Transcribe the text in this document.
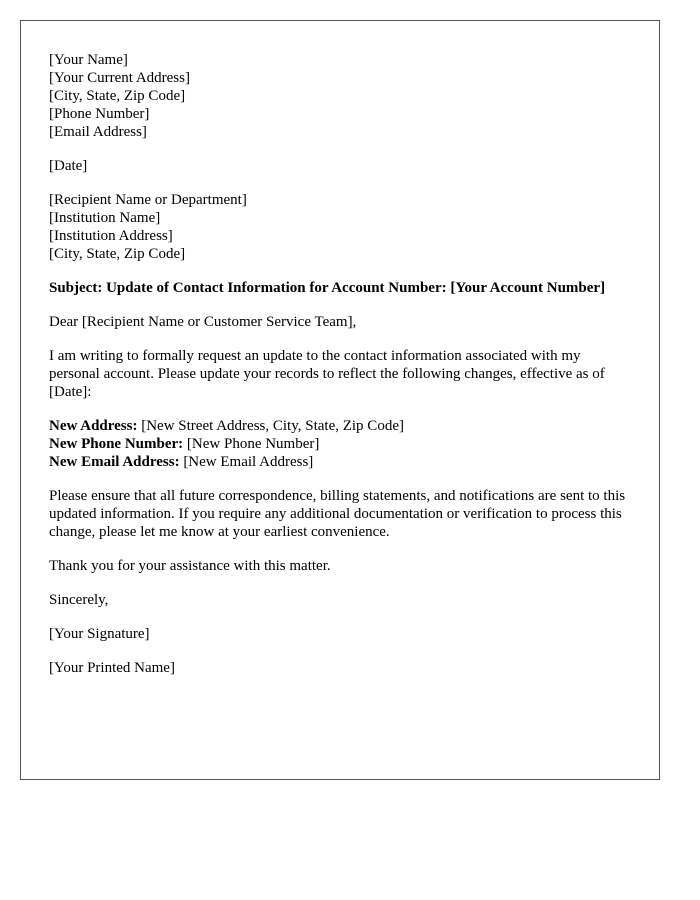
[Your Name]
[Your Current Address]
[City, State, Zip Code]
[Phone Number]
[Email Address]
[Date]
[Recipient Name or Department]
[Institution Name]
[Institution Address]
[City, State, Zip Code]

Subject: Update of Contact Information for Account Number: [Your Account Number]

Dear [Recipient Name or Customer Service Team],

I am writing to formally request an update to the contact information associated with my personal account. Please update your records to reflect the following changes, effective as of [Date]:

New Address: [New Street Address, City, State, Zip Code]
New Phone Number: [New Phone Number]
New Email Address: [New Email Address]

Please ensure that all future correspondence, billing statements, and notifications are sent to this updated information. If you require any additional documentation or verification to process this change, please let me know at your earliest convenience.

Thank you for your assistance with this matter.

Sincerely,

[Your Signature]

[Your Printed Name]
